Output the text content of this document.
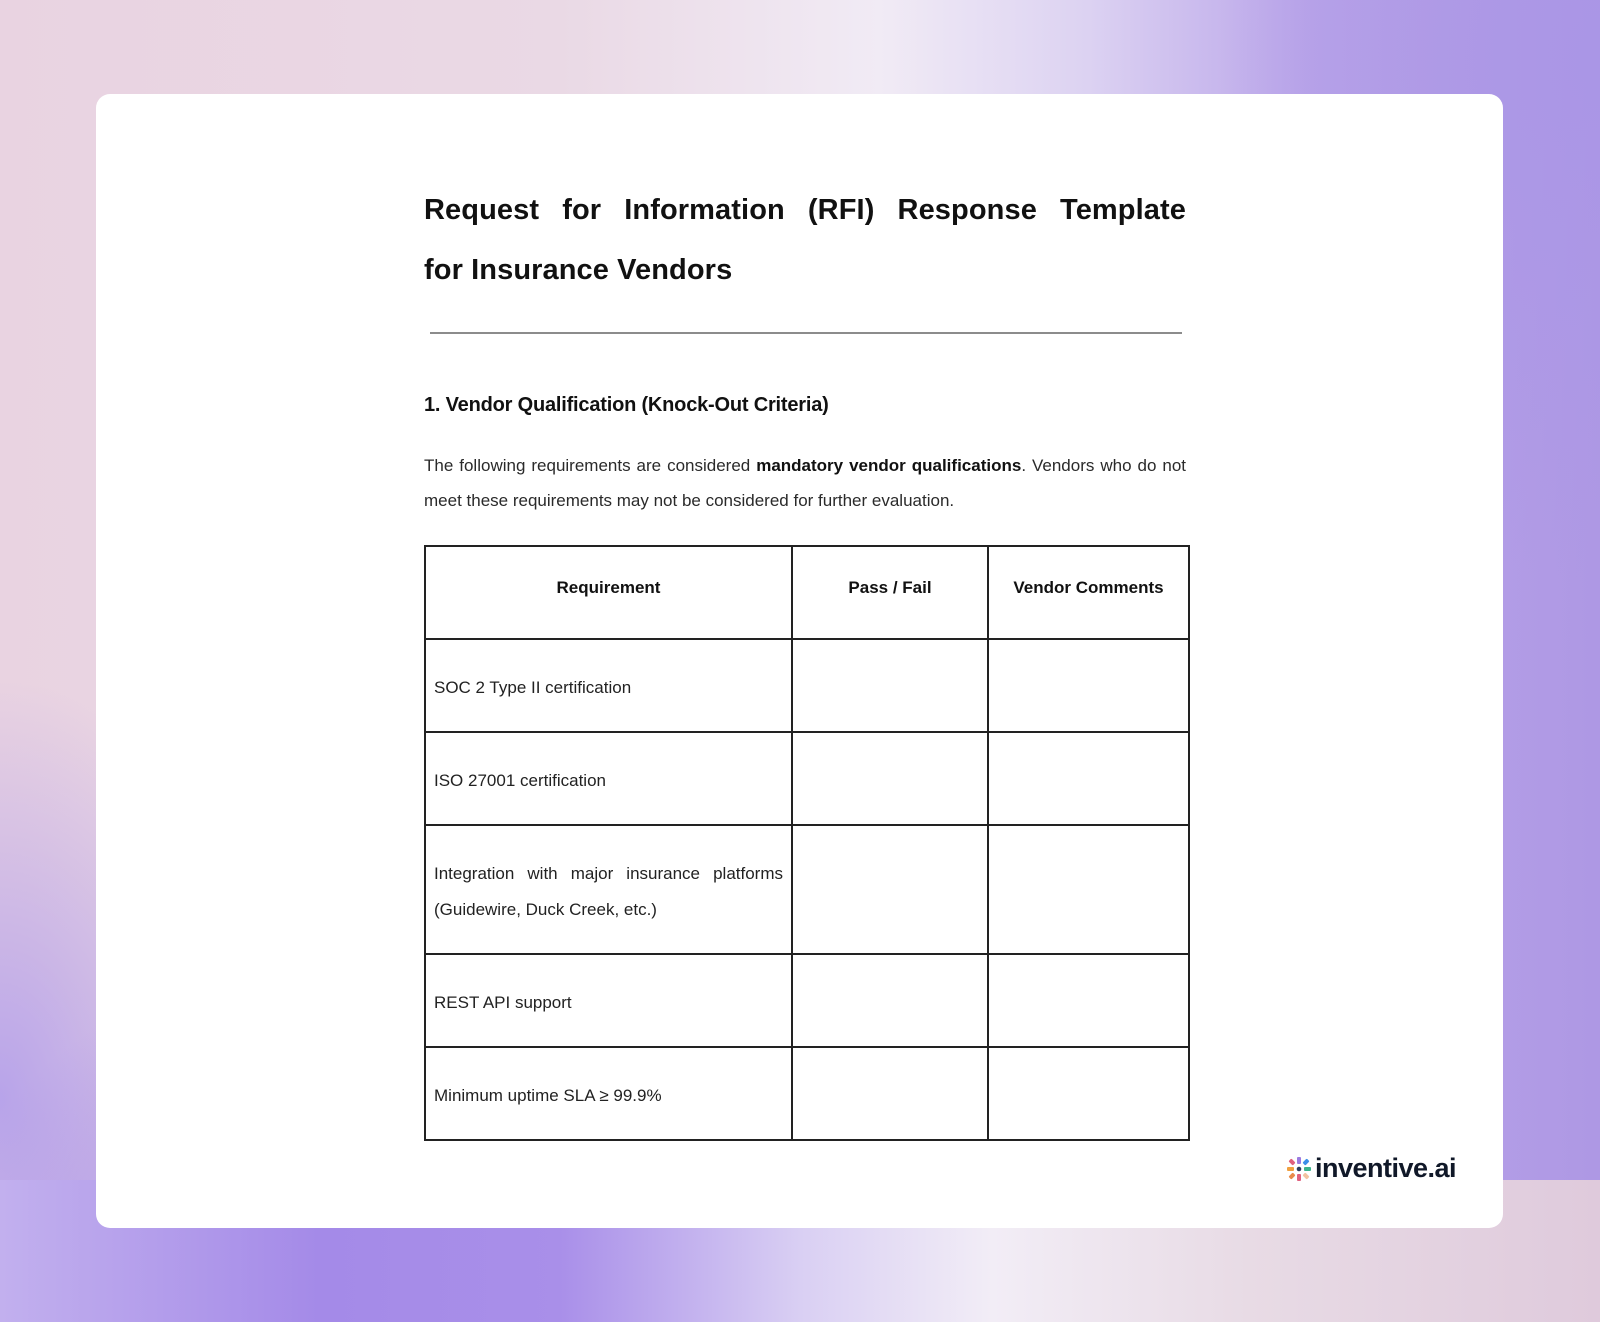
Request for Information (RFI) Response Template
for Insurance Vendors
1. Vendor Qualification (Knock-Out Criteria)

The following requirements are considered mandatory vendor qualifications. Vendors who do not meet these requirements may not be considered for further evaluation.

Requirement	Pass / Fail	Vendor Comments
SOC 2 Type II certification		
ISO 27001 certification		
Integration with major insurance platforms (Guidewire, Duck Creek, etc.)		
REST API support		
Minimum uptime SLA ≥ 99.9%		
inventive.ai
